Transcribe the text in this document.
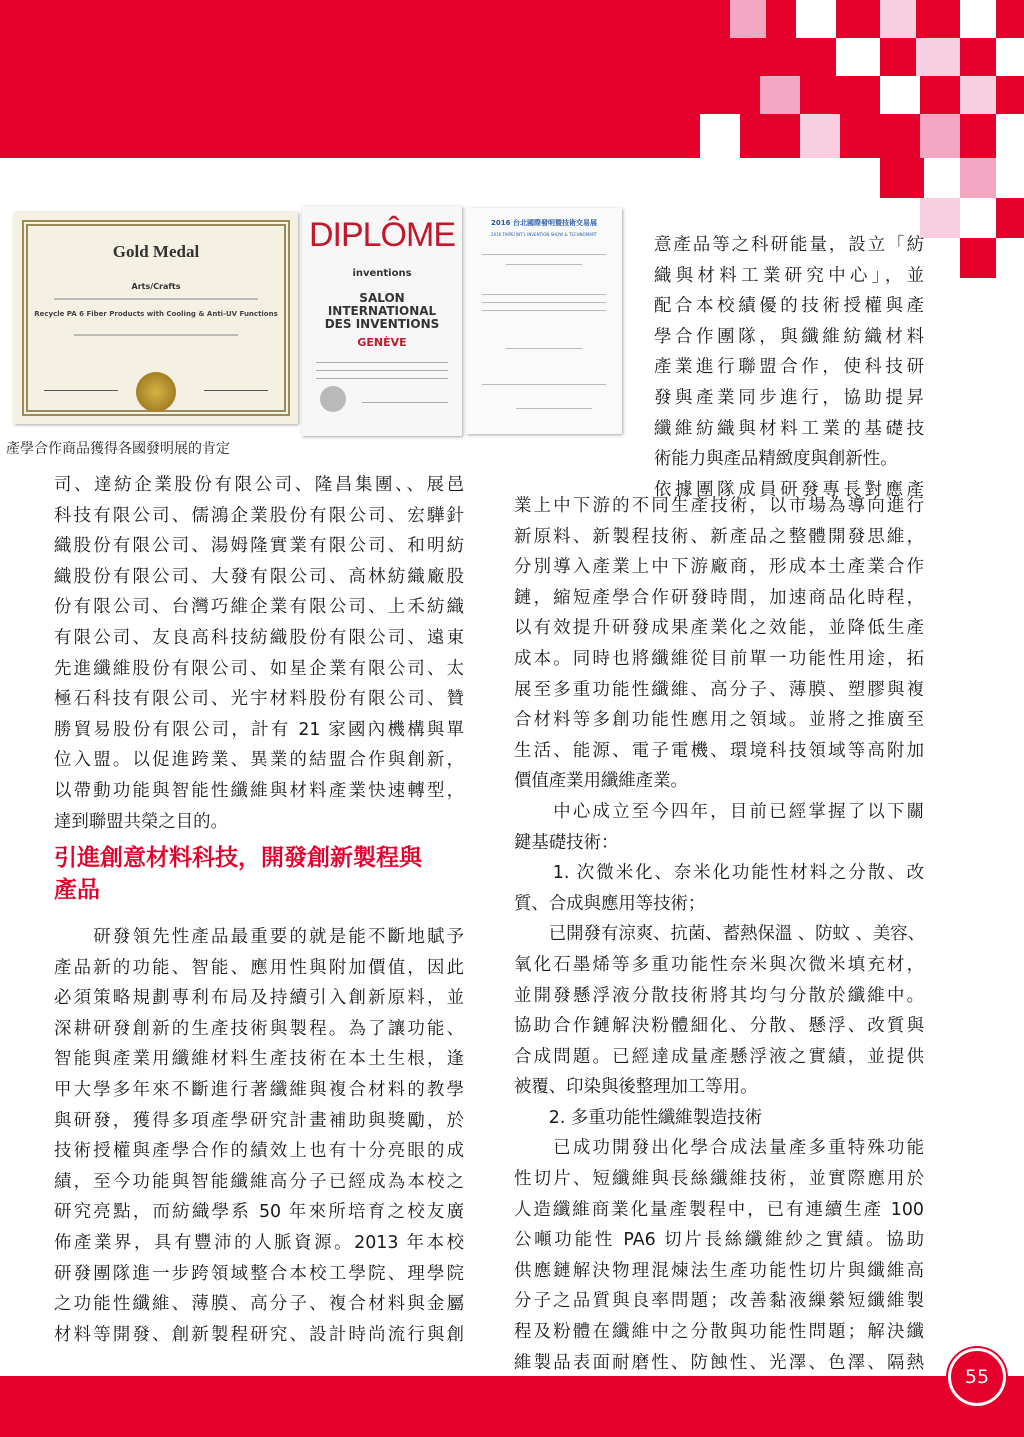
Gold Medal
Arts/Crafts
Recycle PA 6 Fiber Products with Cooling & Anti-UV Functions
DIPLÔME
inventions
SALON
INTERNATIONAL
DES INVENTIONS
GENÈVE
2016 台北國際發明暨技術交易展
2016 TAIPEI INT'L INVENTION SHOW & TECHNOMART
產學合作商品獲得各國發明展的肯定

司、達紡企業股份有限公司、隆昌集團、、展邑

科技有限公司、儒鴻企業股份有限公司、宏驊針

織股份有限公司、湯姆隆實業有限公司、和明紡

織股份有限公司、大發有限公司、高林紡織廠股

份有限公司、台灣巧維企業有限公司、上禾紡織

有限公司、友良高科技紡織股份有限公司、遠東

先進纖維股份有限公司、如星企業有限公司、太

極石科技有限公司、光宇材料股份有限公司、贊

勝貿易股份有限公司，計有 21 家國內機構與單

位入盟。以促進跨業、異業的結盟合作與創新，

以帶動功能與智能性纖維與材料產業快速轉型，

達到聯盟共榮之目的。

引進創意材料科技，開發創新製程與
產品

　　研發領先性產品最重要的就是能不斷地賦予

產品新的功能、智能、應用性與附加價值，因此

必須策略規劃專利布局及持續引入創新原料，並

深耕研發創新的生產技術與製程。為了讓功能、

智能與產業用纖維材料生產技術在本土生根，逢

甲大學多年來不斷進行著纖維與複合材料的教學

與研發，獲得多項產學研究計畫補助與獎勵，於

技術授權與產學合作的績效上也有十分亮眼的成

績，至今功能與智能纖維高分子已經成為本校之

研究亮點，而紡織學系 50 年來所培育之校友廣

佈產業界，具有豐沛的人脈資源。2013 年本校

研發團隊進一步跨領域整合本校工學院、理學院

之功能性纖維、薄膜、高分子、複合材料與金屬

材料等開發、創新製程研究、設計時尚流行與創

意產品等之科研能量，設立「紡

織與材料工業研究中心」，並

配合本校績優的技術授權與產

學合作團隊，與纖維紡織材料

產業進行聯盟合作，使科技研

發與產業同步進行，協助提昇

纖維紡織與材料工業的基礎技

術能力與產品精緻度與創新性。

依據團隊成員研發專長對應產

業上中下游的不同生產技術，以市場為導向進行

新原料、新製程技術、新產品之整體開發思維，

分別導入產業上中下游廠商，形成本土產業合作

鏈，縮短產學合作研發時間，加速商品化時程，

以有效提升研發成果產業化之效能，並降低生產

成本。同時也將纖維從目前單一功能性用途，拓

展至多重功能性纖維、高分子、薄膜、塑膠與複

合材料等多創功能性應用之領域。並將之推廣至

生活、能源、電子電機、環境科技領域等高附加

價值產業用纖維產業。

　　中心成立至今四年，目前已經掌握了以下關

鍵基礎技術：

　　1. 次微米化、奈米化功能性材料之分散、改

質、合成與應用等技術；

　　已開發有涼爽、抗菌、蓄熱保溫 、防蚊 、美容、

氧化石墨烯等多重功能性奈米與次微米填充材，

並開發懸浮液分散技術將其均勻分散於纖維中。

協助合作鏈解決粉體細化、分散、懸浮、改質與

合成問題。已經達成量產懸浮液之實績，並提供

被覆、印染與後整理加工等用。

　　2. 多重功能性纖維製造技術

　　已成功開發出化學合成法量產多重特殊功能

性切片、短纖維與長絲纖維技術，並實際應用於

人造纖維商業化量產製程中，已有連續生產 100

公噸功能性 PA6 切片長絲纖維紗之實績。協助

供應鏈解決物理混煉法生產功能性切片與纖維高

分子之品質與良率問題；改善黏液繅縈短纖維製

程及粉體在纖維中之分散與功能性問題；解決纖

維製品表面耐磨性、防蝕性、光澤、色澤、隔熱

55
